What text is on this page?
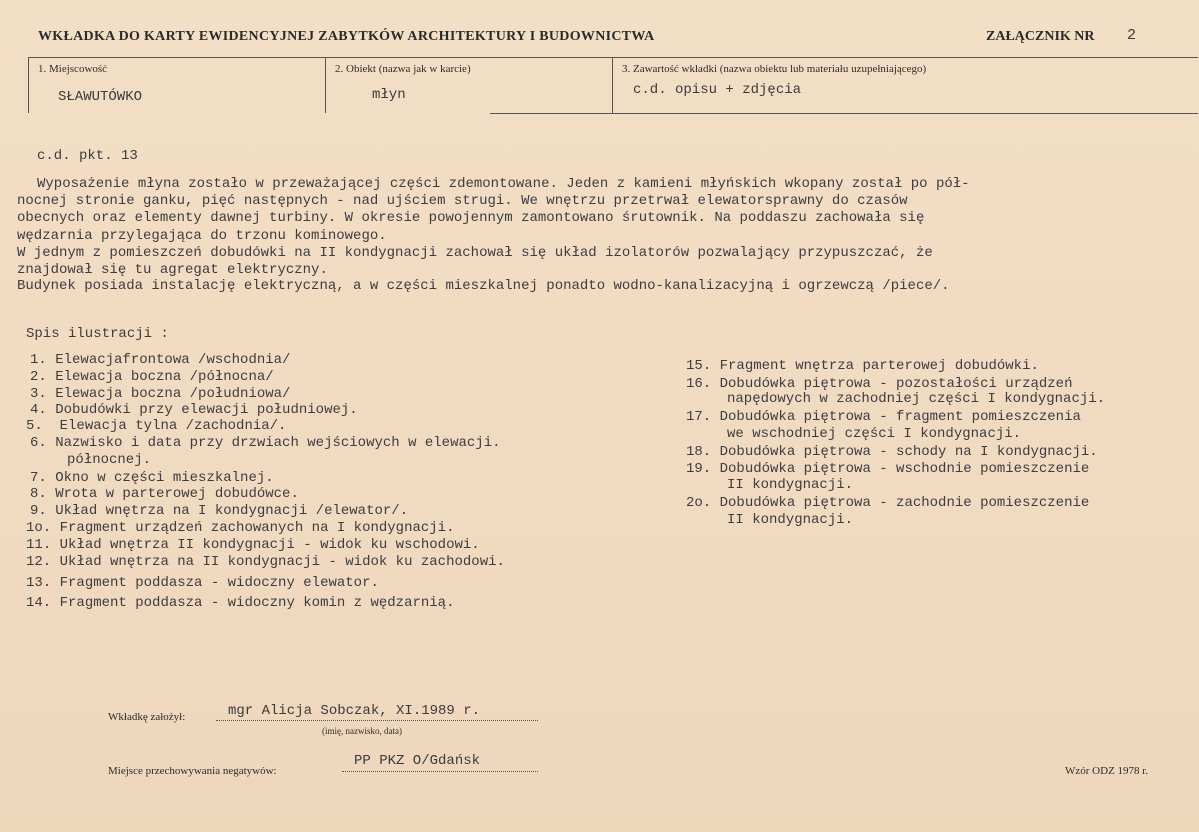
WKŁADKA DO KARTY EWIDENCYJNEJ ZABYTKÓW ARCHITEKTURY I BUDOWNICTWA	ZAŁĄCZNIK NR 2
1. Miejscowość
SŁAWUTÓWKO
2. Obiekt (nazwa jak w karcie)
młyn
3. Zawartość wkładki (nazwa obiektu lub materiału uzupełniającego)
c.d. opisu + zdjęcia
c.d. pkt. 13
Wyposażenie młyna zostało w przeważającej części zdemontowane. Jeden z kamieni młyńskich wkopany został po pół-
nocnej stronie ganku, pięć następnych - nad ujściem strugi. We wnętrzu przetrwał elewatorsprawny do czasów
obecnych oraz elementy dawnej turbiny. W okresie powojennym zamontowano śrutownik. Na poddaszu zachowała się
wędzarnia przylegająca do trzonu kominowego.
W jednym z pomieszczeń dobudówki na II kondygnacji zachował się układ izolatorów pozwalający przypuszczać, że
znajdował się tu agregat elektryczny.
Budynek posiada instalację elektryczną, a w części mieszkalnej ponadto wodno-kanalizacyjną i ogrzewczą /piece/.
Spis ilustracji :
1. Elewacjafrontowa /wschodnia/
2. Elewacja boczna /północna/
3. Elewacja boczna /południowa/
4. Dobudówki przy elewacji południowej.
5. Elewacja tylna /zachodnia/.
6. Nazwisko i data przy drzwiach wejściowych w elewacji.
północnej.
7. Okno w części mieszkalnej.
8. Wrota w parterowej dobudówce.
9. Układ wnętrza na I kondygnacji /elewator/.
1o. Fragment urządzeń zachowanych na I kondygnacji.
11. Układ wnętrza II kondygnacji - widok ku wschodowi.
12. Układ wnętrza na II kondygnacji - widok ku zachodowi.
13. Fragment poddasza - widoczny elewator.
14. Fragment poddasza - widoczny komin z wędzarnią.
15. Fragment wnętrza parterowej dobudówki.
16. Dobudówka piętrowa - pozostałości urządzeń
napędowych w zachodniej części I kondygnacji.
17. Dobudówka piętrowa - fragment pomieszczenia
we wschodniej części I kondygnacji.
18. Dobudówka piętrowa - schody na I kondygnacji.
19. Dobudówka piętrowa - wschodnie pomieszczenie
II kondygnacji.
2o. Dobudówka piętrowa - zachodnie pomieszczenie
II kondygnacji.
Wkładkę założył:	mgr Alicja Sobczak, XI.1989 r.
(imię, nazwisko, data)
Miejsce przechowywania negatywów:
PP PKZ O/Gdańsk
Wzór ODZ 1978 r.
